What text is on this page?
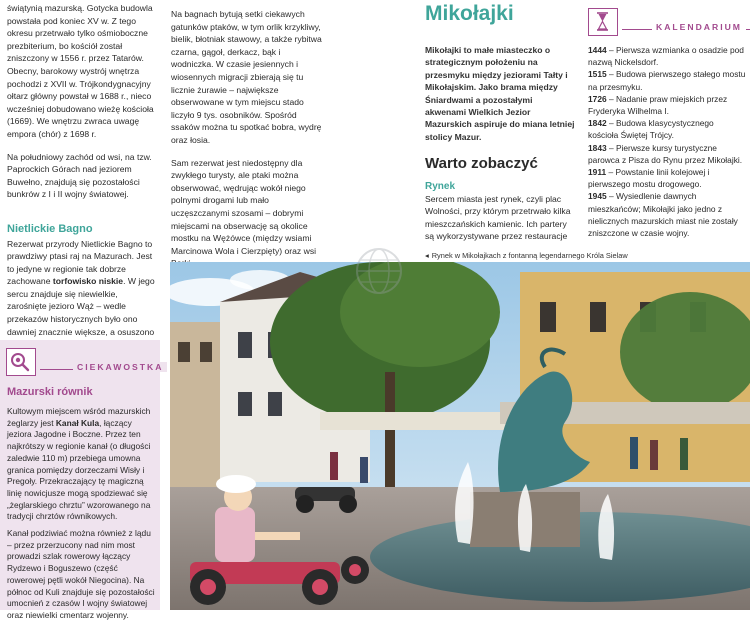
świątynią mazurską. Gotycka budowla powstała pod koniec XV w. Z tego okresu przetrwało tylko ośmioboczne prezbiterium, bo kościół został zniszczony w 1556 r. przez Tatarów. Obecny, barokowy wystrój wnętrza pochodzi z XVII w. Trójkondygnacyjny ołtarz główny powstał w 1688 r., nieco wcześniej dobudowano wieżę kościoła (1669). We wnętrzu zwraca uwagę empora (chór) z 1698 r.

Na południowy zachód od wsi, na tzw. Paprockich Górach nad jeziorem Buwełno, znajdują się pozostałości bunkrów z I i II wojny światowej.

Nietlickie Bagno

Rezerwat przyrody Nietlickie Bagno to prawdziwy ptasi raj na Mazurach. Jest to jedyne w regionie tak dobrze zachowane torfowisko niskie. W jego sercu znajduje się niewielkie, zarośnięte jezioro Wąż – wedle przekazów historycznych było ono dawniej znacznie większe, a osuszono

Na bagnach bytują setki ciekawych gatunków ptaków, w tym orlik krzykliwy, bielik, błotniak stawowy, a także rybitwa czarna, gągoł, derkacz, bąk i wodniczka. W czasie jesiennych i wiosennych migracji zbierają się tu licznie żurawie – największe obserwowane w tym miejscu stado liczyło 9 tys. osobników. Spośród ssaków można tu spotkać bobra, wydrę oraz łosia.

Sam rezerwat jest niedostępny dla zwykłego turysty, ale ptaki można obserwować, wędrując wokół niego polnymi drogami lub mało uczęszczanymi szosami – dobrymi miejscami na obserwację są okolice mostku na Wężówce (między wsiami Marcinowa Wola i Cierzpięty) oraz wsi

CIEKAWOSTKA
Mazurski równik

Kultowym miejscem wśród mazurskich żeglarzy jest Kanał Kula, łączący jeziora Jagodne i Boczne. Przez ten najkrótszy w regionie kanał (o długości zaledwie 110 m) przebiega umowna granica pomiędzy dorzeczami Wisły i Pregoły. Przekraczający tę magiczną linię nowicjusze mogą spodziewać się „żeglarskiego chrztu” wzorowanego na tradycji chrztów równikowych.

Kanał podziwiać można również z lądu – przez przerzucony nad nim most prowadzi szlak rowerowy łączący Rydzewo i Boguszewo (część rowerowej pętli wokół Niegocina). Na północ od Kuli znajduje się pozostałości umocnień z czasów I wojny światowej oraz niewielki cmentarz wojenny.

Mikołajki
Mikołajki to małe miasteczko o strategicznym położeniu na przesmyku między jeziorami Tałty i Mikołajskim. Jako brama między Śniardwami a pozostałymi akwenami Wielkich Jezior Mazurskich aspiruje do miana letniej stolicy Mazur.
Warto zobaczyć
Rynek
Sercem miasta jest rynek, czyli plac Wolności, przy którym przetrwało kilka mieszczańskich kamienic. Ich partery są wykorzystywane przez restauracje
KALENDARIUM
1444 – Pierwsza wzmianka o osadzie pod nazwą Nickelsdorf.
1515 – Budowa pierwszego stałego mostu na przesmyku.
1726 – Nadanie praw miejskich przez Fryderyka Wilhelma I.
1842 – Budowa klasycystycznego kościoła Świętej Trójcy.
1843 – Pierwsze kursy turystyczne parowca z Pisza do Rynu przez Mikołajki.
1911 – Powstanie linii kolejowej i pierwszego mostu drogowego.
1945 – Wysiedlenie dawnych mieszkańców; Mikołajki jako jedno z nielicznych mazurskich miast nie zostały zniszczone w czasie wojny.
◂ Rynek w Mikołajkach z fontanną legendarnego Króla Sielaw
